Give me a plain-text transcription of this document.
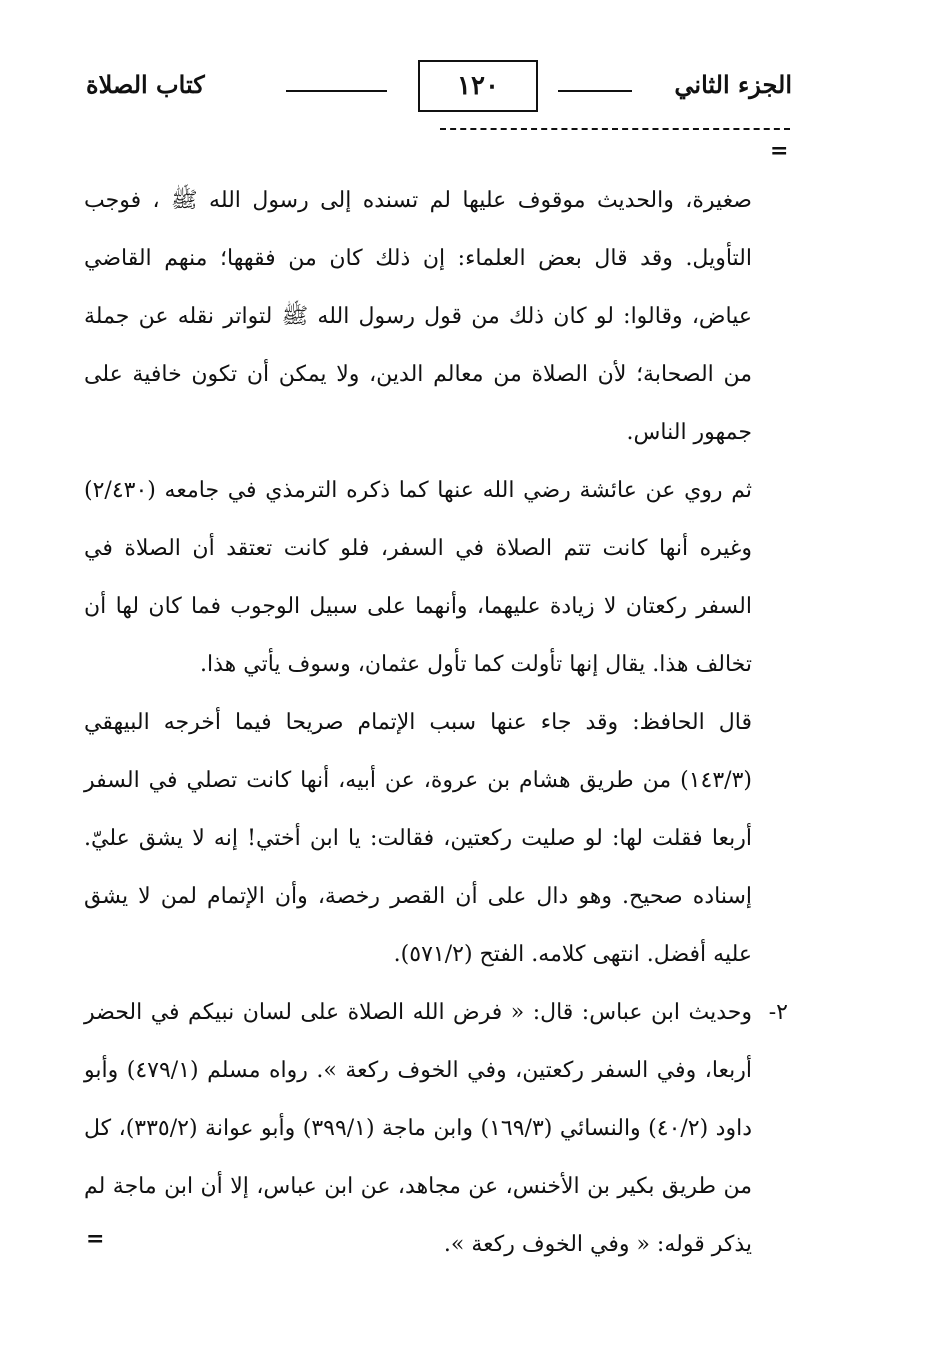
الجزء الثاني
١٢٠
كتاب الصلاة
=

صغيرة، والحديث موقوف عليها لم تسنده إلى رسول الله ﷺ ، فوجب التأويل. وقد قال بعض العلماء: إن ذلك كان من فقهها؛ منهم القاضي عياض، وقالوا: لو كان ذلك من قول رسول الله ﷺ لتواتر نقله عن جملة من الصحابة؛ لأن الصلاة من معالم الدين، ولا يمكن أن تكون خافية على جمهور الناس.

ثم روي عن عائشة رضي الله عنها كما ذكره الترمذي في جامعه (٢/٤٣٠) وغيره أنها كانت تتم الصلاة في السفر، فلو كانت تعتقد أن الصلاة في السفر ركعتان لا زيادة عليهما، وأنهما على سبيل الوجوب فما كان لها أن تخالف هذا. يقال إنها تأولت كما تأول عثمان، وسوف يأتي هذا.

قال الحافظ: وقد جاء عنها سبب الإتمام صريحا فيما أخرجه البيهقي (١٤٣/٣) من طريق هشام بن عروة، عن أبيه، أنها كانت تصلي في السفر أربعا فقلت لها: لو صليت ركعتين، فقالت: يا ابن أختي! إنه لا يشق عليّ. إسناده صحيح. وهو دال على أن القصر رخصة، وأن الإتمام لمن لا يشق عليه أفضل. انتهى كلامه. الفتح (٥٧١/٢).

٢-
وحديث ابن عباس: قال: « فرض الله الصلاة على لسان نبيكم في الحضر أربعا، وفي السفر ركعتين، وفي الخوف ركعة ». رواه مسلم (٤٧٩/١) وأبو داود (٤٠/٢) والنسائي (١٦٩/٣) وابن ماجة (٣٩٩/١) وأبو عوانة (٣٣٥/٢)، كل من طريق بكير بن الأخنس، عن مجاهد، عن ابن عباس، إلا أن ابن ماجة لم يذكر قوله: « وفي الخوف ركعة ».

=
